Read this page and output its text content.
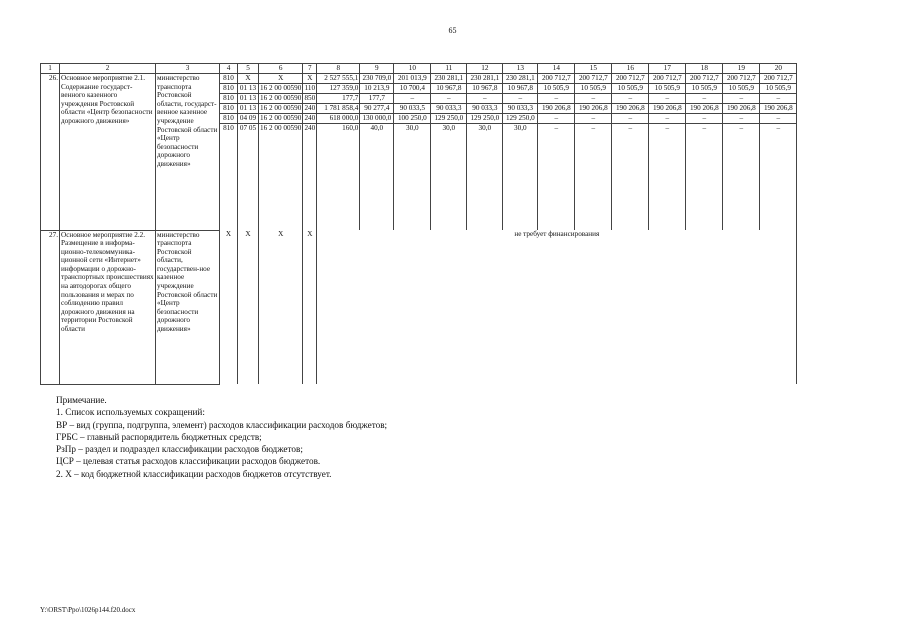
65
1	2	3	4	5	6	7	8	9	10	11	12	13	14	15	16	17	18	19	20
26.	Основное мероприятие 2.1. Содержание государст-венного казенного учреждения Ростовской области «Центр безопасности дорожного движения»	министерство транспорта Ростовской области, государст-венное казенное учреждение Ростовской области «Центр безопасности дорожного движения»	810	Х	Х	Х	2 527 555,1	230 709,0	201 013,9	230 281,1	230 281,1	230 281,1	200 712,7	200 712,7	200 712,7	200 712,7	200 712,7	200 712,7	200 712,7
			810	01 13	16 2 00 00590	110	127 359,0	10 213,9	10 700,4	10 967,8	10 967,8	10 967,8	10 505,9	10 505,9	10 505,9	10 505,9	10 505,9	10 505,9	10 505,9
			810	01 13	16 2 00 00590	850	177,7	177,7	–	–	–	–	–	–	–	–	–	–	–
			810	01 13	16 2 00 00590	240	1 781 858,4	90 277,4	90 033,5	90 033,3	90 033,3	90 033,3	190 206,8	190 206,8	190 206,8	190 206,8	190 206,8	190 206,8	190 206,8
			810	04 09	16 2 00 00590	240	618 000,0	130 000,0	100 250,0	129 250,0	129 250,0	129 250,0	–	–	–	–	–	–	–
			810	07 05	16 2 00 00590	240	160,0	40,0	30,0	30,0	30,0	30,0	–	–	–	–	–	–	–
27.	Основное мероприятие 2.2. Размещение в информа-ционно-телекоммуника-ционной сети «Интернет» информации о дорожно-транспортных происшествиях на автодорогах общего пользования и мерах по соблюдению правил дорожного движения на территории Ростовской области	министерство транспорта Ростовской области, государствен-ное казенное учреждение Ростовской области «Центр безопасности дорожного движения»	Х	Х	Х	Х	не требует финансирования												
Примечание.
1. Список используемых сокращений:
ВР – вид (группа, подгруппа, элемент) расходов классификации расходов бюджетов;
ГРБС – главный распорядитель бюджетных средств;
РзПр – раздел и подраздел классификации расходов бюджетов;
ЦСР – целевая статья расходов классификации расходов бюджетов.
2. Х – код бюджетной классификации расходов бюджетов отсутствует.
Y:\ORST\Ppo\1026p144.f20.docx
